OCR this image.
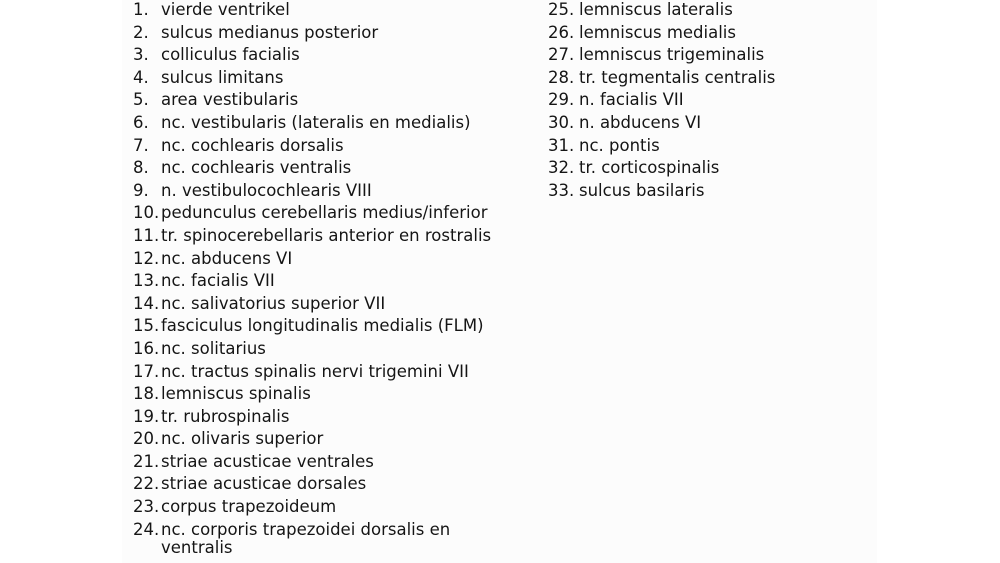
1. vierde ventrikel
2. sulcus medianus posterior
3. colliculus facialis
4. sulcus limitans
5. area vestibularis
6. nc. vestibularis (lateralis en medialis)
7. nc. cochlearis dorsalis
8. nc. cochlearis ventralis
9. n. vestibulocochlearis VIII
10. pedunculus cerebellaris medius/inferior
11. tr. spinocerebellaris anterior en rostralis
12. nc. abducens VI
13. nc. facialis VII
14. nc. salivatorius superior VII
15. fasciculus longitudinalis medialis (FLM)
16. nc. solitarius
17. nc. tractus spinalis nervi trigemini VII
18. lemniscus spinalis
19. tr. rubrospinalis
20. nc. olivaris superior
21. striae acusticae ventrales
22. striae acusticae dorsales
23. corpus trapezoideum
24. nc. corporis trapezoidei dorsalis en ventralis
25. lemniscus lateralis
26. lemniscus medialis
27. lemniscus trigeminalis
28. tr. tegmentalis centralis
29. n. facialis VII
30. n. abducens VI
31. nc. pontis
32. tr. corticospinalis
33. sulcus basilaris
